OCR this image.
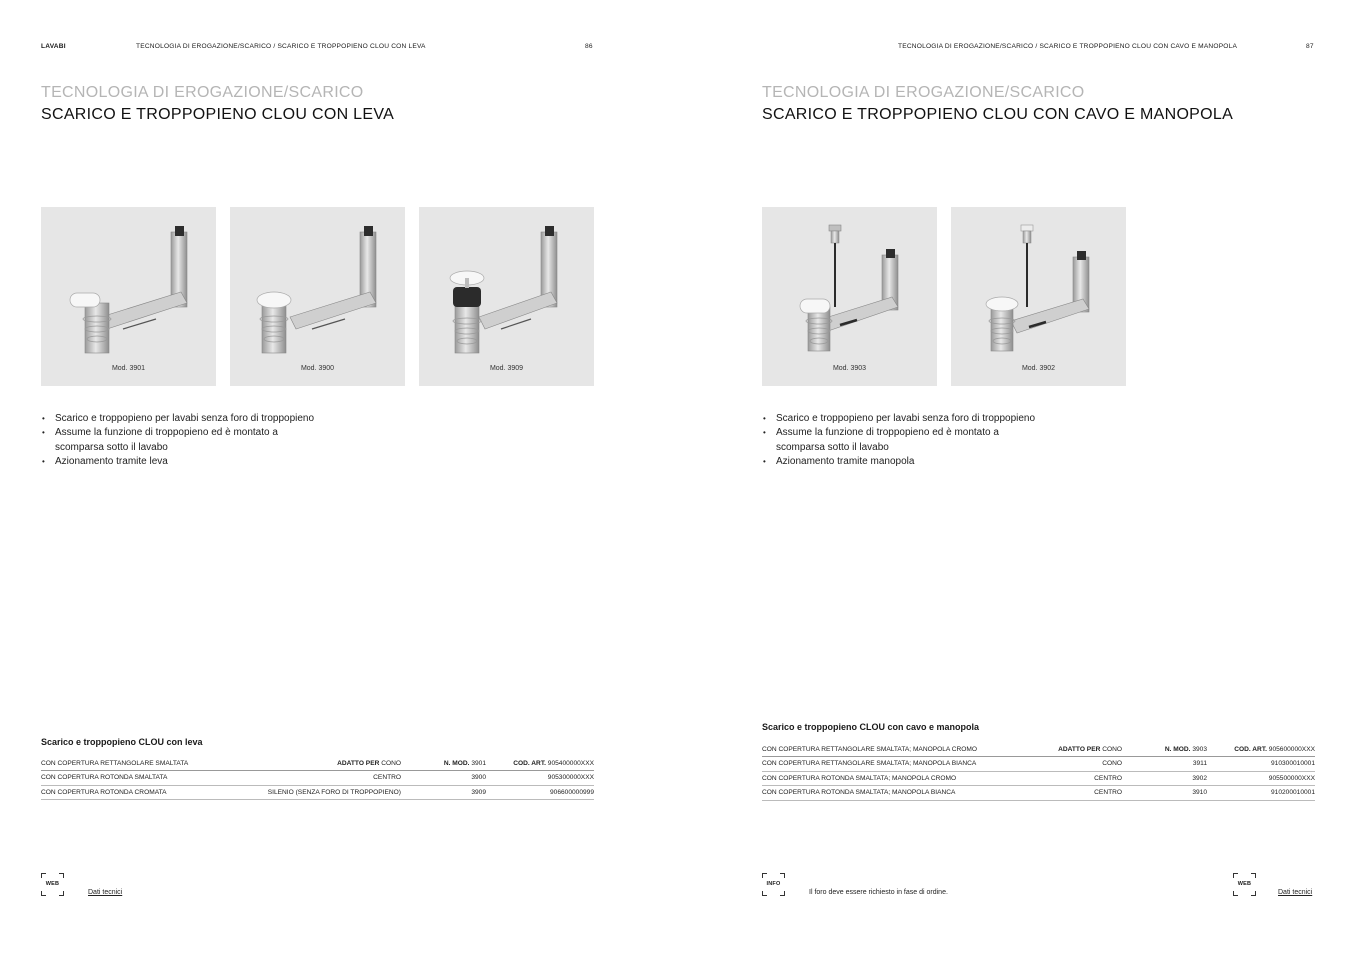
LAVABI	TECNOLOGIA DI EROGAZIONE/SCARICO / SCARICO E TROPPOPIENO CLOU CON LEVA	86
TECNOLOGIA DI EROGAZIONE/SCARICO
SCARICO E TROPPOPIENO CLOU CON LEVA
Mod. 3901	Mod. 3900	Mod. 3909
• Scarico e troppopieno per lavabi senza foro di troppopieno
• Assume la funzione di troppopieno ed è montato a
scomparsa sotto il lavabo
• Azionamento tramite leva
Scarico e troppopieno CLOU con leva
CON COPERTURA RETTANGOLARE SMALTATA	ADATTO PER CONO	N. MOD. 3901	COD. ART. 905400000XXX
CON COPERTURA ROTONDA SMALTATA	CENTRO	3900	905300000XXX
CON COPERTURA ROTONDA CROMATA	SILENIO (SENZA FORO DI TROPPOPIENO)	3909	906600000999
WEB
Dati tecnici
TECNOLOGIA DI EROGAZIONE/SCARICO / SCARICO E TROPPOPIENO CLOU CON CAVO E MANOPOLA	87
TECNOLOGIA DI EROGAZIONE/SCARICO
SCARICO E TROPPOPIENO CLOU CON CAVO E MANOPOLA
Mod. 3903	Mod. 3902
• Scarico e troppopieno per lavabi senza foro di troppopieno
• Assume la funzione di troppopieno ed è montato a
scomparsa sotto il lavabo
• Azionamento tramite manopola
Scarico e troppopieno CLOU con cavo e manopola
CON COPERTURA RETTANGOLARE SMALTATA; MANOPOLA CROMO	ADATTO PER CONO	N. MOD. 3903	COD. ART. 905600000XXX
CON COPERTURA RETTANGOLARE SMALTATA; MANOPOLA BIANCA	CONO	3911	910300010001
CON COPERTURA ROTONDA SMALTATA; MANOPOLA CROMO	CENTRO	3902	905500000XXX
CON COPERTURA ROTONDA SMALTATA; MANOPOLA BIANCA	CENTRO	3910	910200010001
INFO
Il foro deve essere richiesto in fase di ordine.
WEB
Dati tecnici
